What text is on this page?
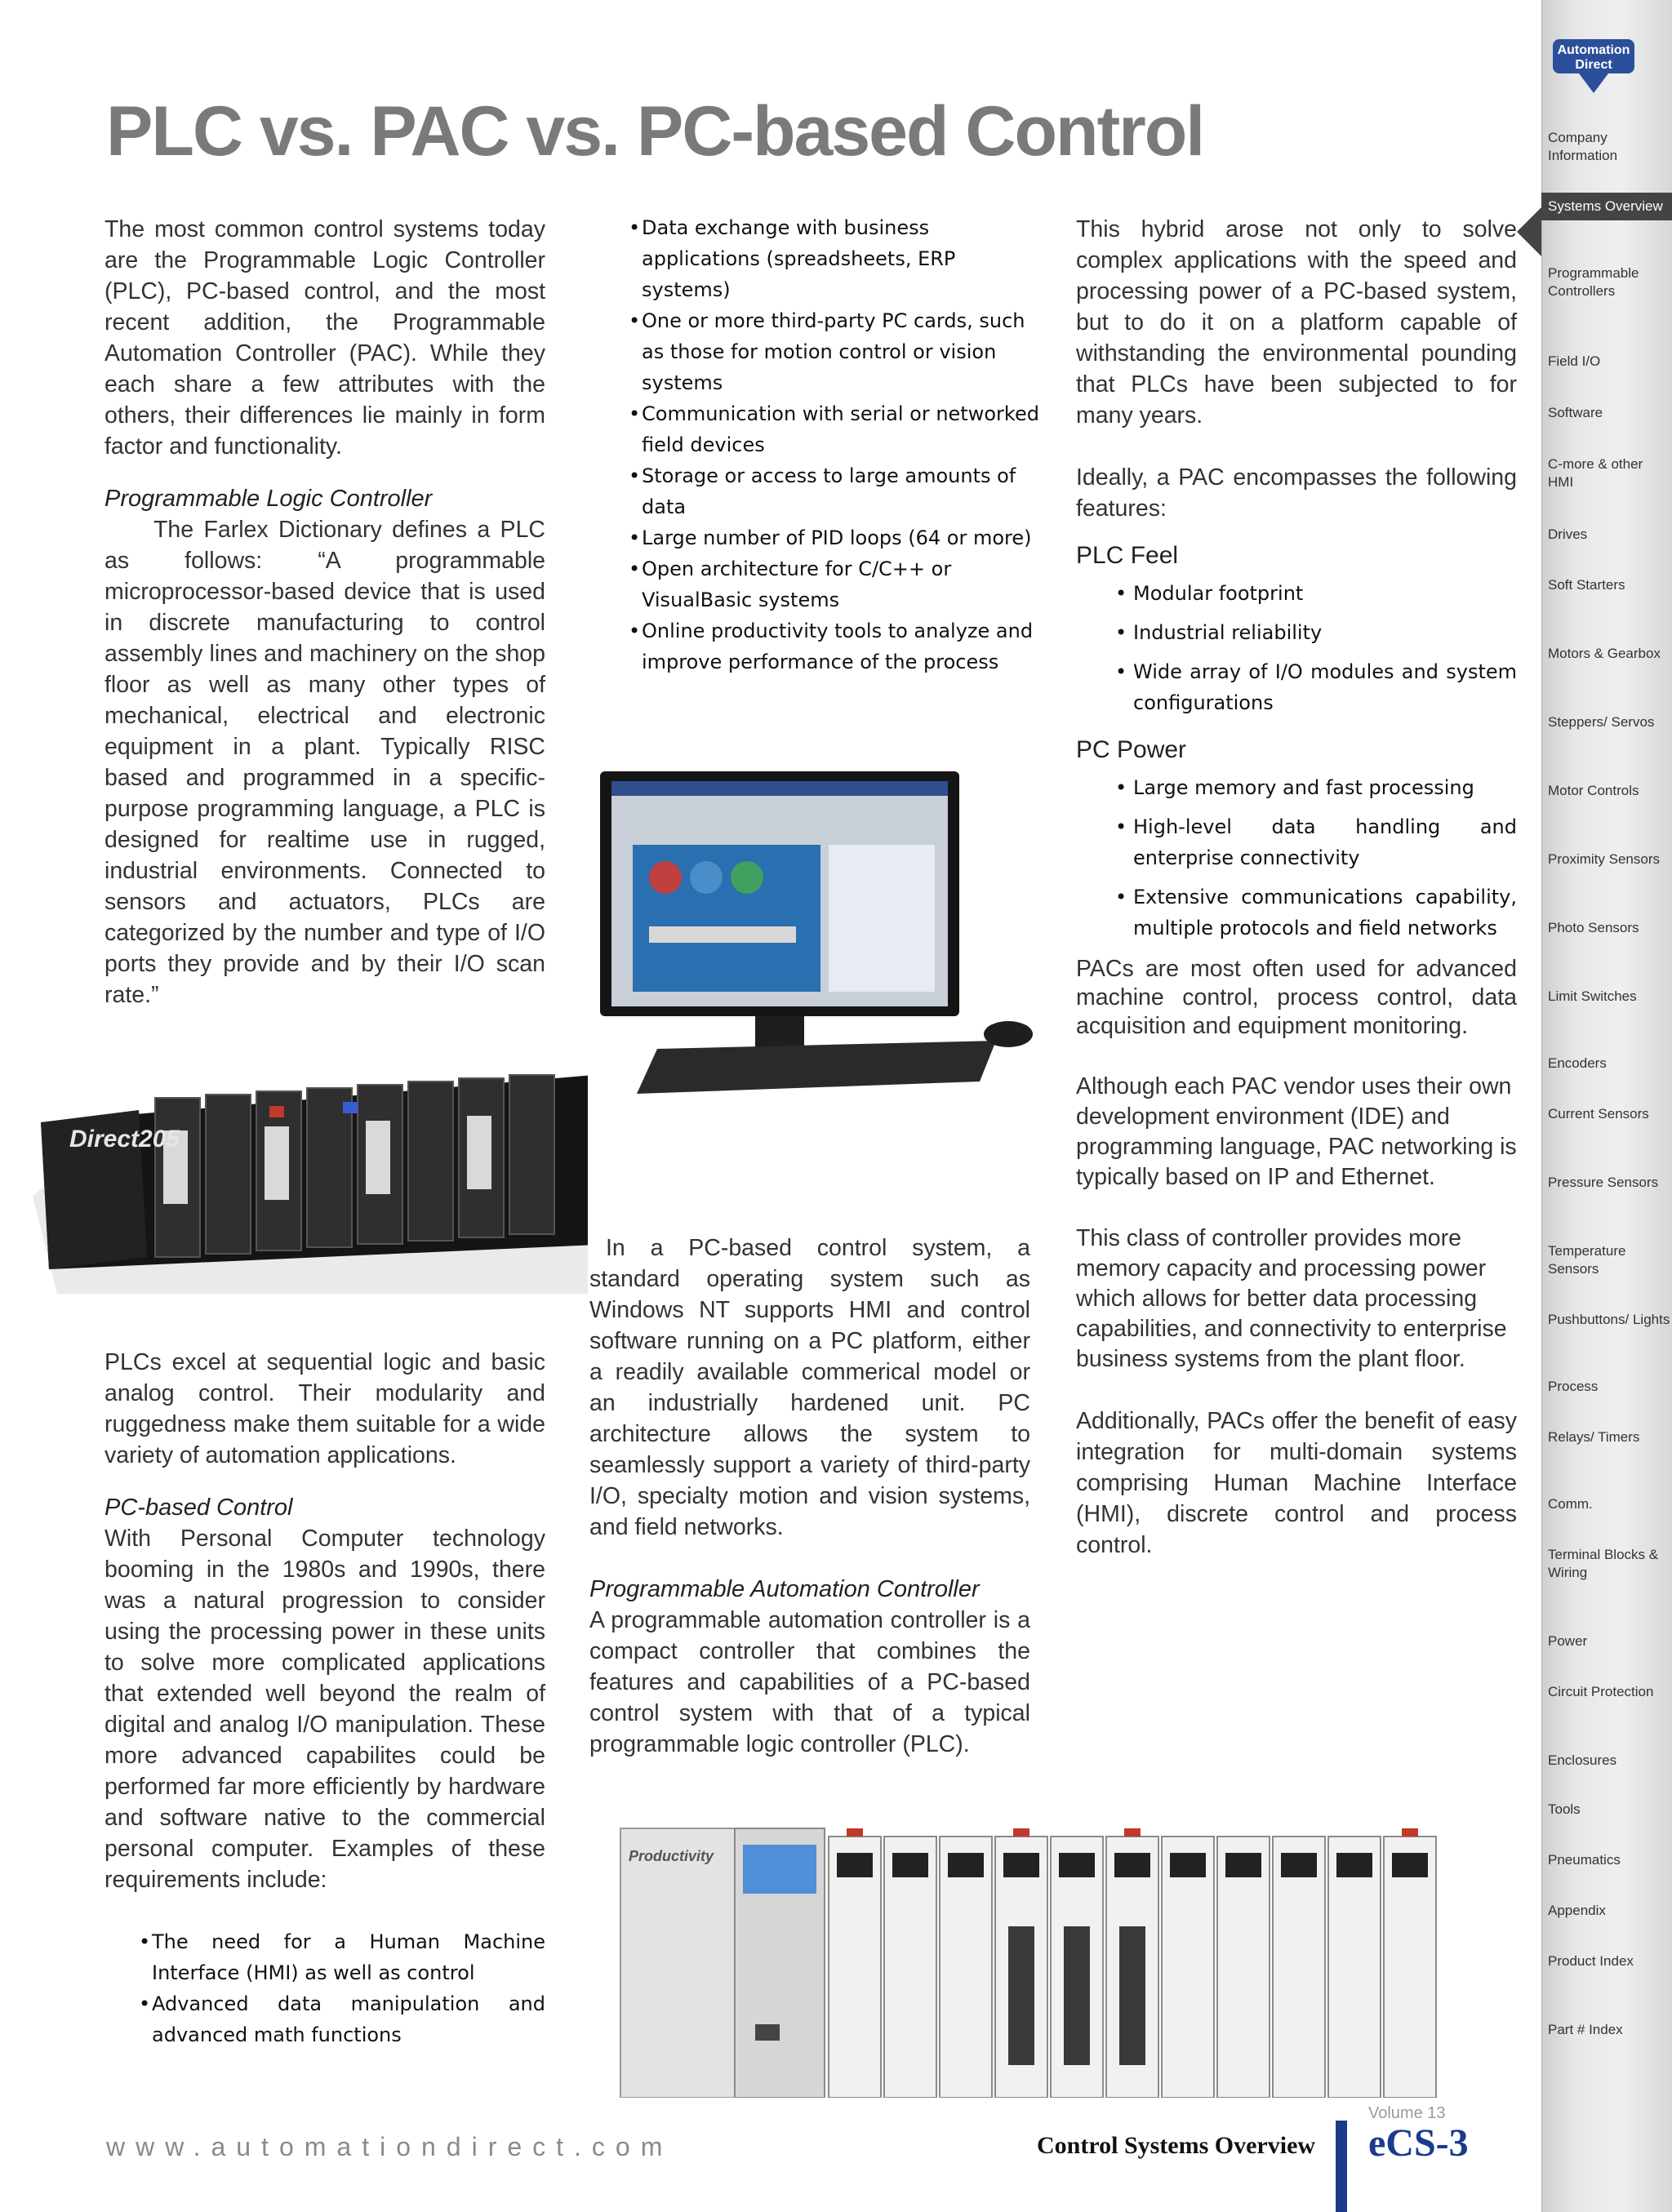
PLC vs. PAC vs. PC-based Control

The most common control systems today are the Programmable Logic Controller (PLC), PC-based control, and the most recent addition, the Programmable Automation Controller (PAC). While they each share a few attributes with the others, their differences lie mainly in form factor and functionality.

Programmable Logic Controller

The Farlex Dictionary defines a PLC as follows: “A programmable microprocessor-based device that is used in discrete manufacturing to control assembly lines and machinery on the shop floor as well as many other types of mechanical, electrical and electronic equipment in a plant. Typically RISC based and programmed in a specific-purpose programming language, a PLC is designed for realtime use in rugged, industrial environments. Connected to sensors and actuators, PLCs are categorized by the number and type of I/O ports they provide and by their I/O scan rate.”

Direct205

PLCs excel at sequential logic and basic analog control. Their modularity and ruggedness make them suitable for a wide variety of automation applications.

PC-based Control

With Personal Computer technology booming in the 1980s and 1990s, there was a natural progression to consider using the processing power in these units to solve more complicated applications that extended well beyond the realm of digital and analog I/O manipulation. These more advanced capabilites could be performed far more efficiently by hardware and software native to the commercial personal computer. Examples of these requirements include:

• The need for a Human Machine Interface (HMI) as well as control
• Advanced data manipulation and advanced math functions
• Data exchange with business applications (spreadsheets, ERP systems)
• One or more third-party PC cards, such as those for motion control or vision systems
• Communication with serial or networked field devices
• Storage or access to large amounts of data
• Large number of PID loops (64 or more)
• Open architecture for C/C++ or VisualBasic systems
• Online productivity tools to analyze and improve performance of the process

In a PC-based control system, a standard operating system such as Windows NT supports HMI and control software running on a PC platform, either a readily available commerical model or an industrially hardened unit. PC architecture allows the system to seamlessly support a variety of third-party I/O, specialty motion and vision systems, and field networks.

Programmable Automation Controller

A programmable automation controller is a compact controller that combines the features and capabilities of a PC-based control system with that of a typical programmable logic controller (PLC).

This hybrid arose not only to solve complex applications with the speed and processing power of a PC-based system, but to do it on a platform capable of withstanding the environmental pounding that PLCs have been subjected to for many years.

Ideally, a PAC encompasses the following features:

PLC Feel
• Modular footprint
• Industrial reliability
• Wide array of I/O modules and system configurations
PC Power
• Large memory and fast processing
• High-level data handling and enterprise connectivity
• Extensive communications capability, multiple protocols and field networks

PACs are most often used for advanced machine control, process control, data acquisition and equipment monitoring.

Although each PAC vendor uses their own development environment (IDE) and programming language, PAC networking is typically based on IP and Ethernet.

This class of controller provides more memory capacity and processing power which allows for better data processing capabilities, and connectivity to enterprise business systems from the plant floor.

Additionally, PACs offer the benefit of easy integration for multi-domain systems comprising Human Machine Interface (HMI), discrete control and process control.

Productivity
www.automationdirect.com	Control Systems Overview
Volume 13
eCS-3
Automation
Direct
Company Information
Systems Overview
Programmable Controllers
Field I/O
Software
C-more & other HMI
Drives
Soft Starters
Motors & Gearbox
Steppers/ Servos
Motor Controls
Proximity Sensors
Photo Sensors
Limit Switches
Encoders
Current Sensors
Pressure Sensors
Temperature Sensors
Pushbuttons/ Lights
Process
Relays/ Timers
Comm.
Terminal Blocks & Wiring
Power
Circuit Protection
Enclosures
Tools
Pneumatics
Appendix
Product Index
Part # Index
